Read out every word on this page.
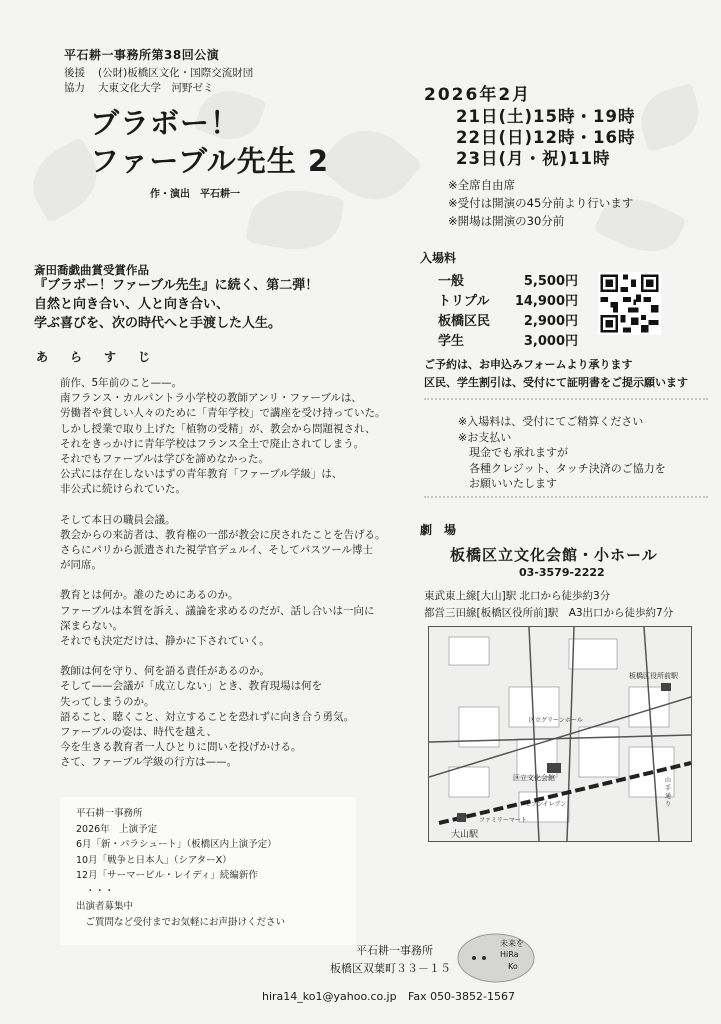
平石耕一事務所第38回公演
後援 (公財)板橋区文化・国際交流財団
協力 大東文化大学　河野ゼミ
ブラボー！
ファーブル先生 2
作・演出　平石耕一
2026年2月
21日(土)15時・19時
22日(日)12時・16時
23日(月・祝)11時
※全席自由席
※受付は開演の45分前より行います
※開場は開演の30分前
斎田喬戯曲賞受賞作品
『ブラボー！ファーブル先生』に続く、第二弾！
自然と向き合い、人と向き合い、
学ぶ喜びを、次の時代へと手渡した人生。
あ ら す じ

前作、5年前のこと——。

南フランス・カルパントラ小学校の教師アンリ・ファーブルは、

労働者や貧しい人々のために「青年学校」で講座を受け持っていた。

しかし授業で取り上げた「植物の受精」が、教会から問題視され、

それをきっかけに青年学校はフランス全土で廃止されてしまう。

それでもファーブルは学びを諦めなかった。

公式には存在しないはずの青年教育「ファーブル学級」は、

非公式に続けられていた。

そして本日の職員会議。

教会からの来訪者は、教育権の一部が教会に戻されたことを告げる。

さらにパリから派遣された視学官デュルイ、そしてパスツール博士

が同席。

教育とは何か。誰のためにあるのか。

ファーブルは本質を訴え、議論を求めるのだが、話し合いは一向に

深まらない。

それでも決定だけは、静かに下されていく。

教師は何を守り、何を語る責任があるのか。

そして——会議が「成立しない」とき、教育現場は何を

失ってしまうのか。

語ること、聴くこと、対立することを恐れずに向き合う勇気。

ファーブルの姿は、時代を越え、

今を生きる教育者一人ひとりに問いを投げかける。

さて、ファーブル学級の行方は——。

平石耕一事務所

2026年　上演予定

6月「新・パラシュート」（板橋区内上演予定）

10月「戦争と日本人」（シアターX）

12月「サーマービル・レイディ」続編新作

　・・・

出演者募集中

　ご質問など受付までお気軽にお声掛けください

入場料
一般	5,500円
トリプル 14,900円
板橋区民	2,900円
学生	3,000円
ご予約は、お申込みフォームより承ります
区民、学生割引は、受付にて証明書をご提示願います
※入場料は、受付にてご精算ください
※お支払い
　現金でも承れますが
　各種クレジット、タッチ決済のご協力を
　お願いいたします
劇　場
板橋区立文化会館・小ホール
03-3579-2222
東武東上線[大山]駅 北口から徒歩約3分
都営三田線[板橋区役所前]駅　A3出口から徒歩約7分
大山駅
区立文化会館
板橋区役所前駅
区立グリーンホール
山手通り
セブンイレブン
ファミリーマート
平石耕一事務所
板橋区双葉町３３－１５
hira14_ko1@yahoo.co.jp Fax 050-3852-1567
未来を
HiRa
Ko
